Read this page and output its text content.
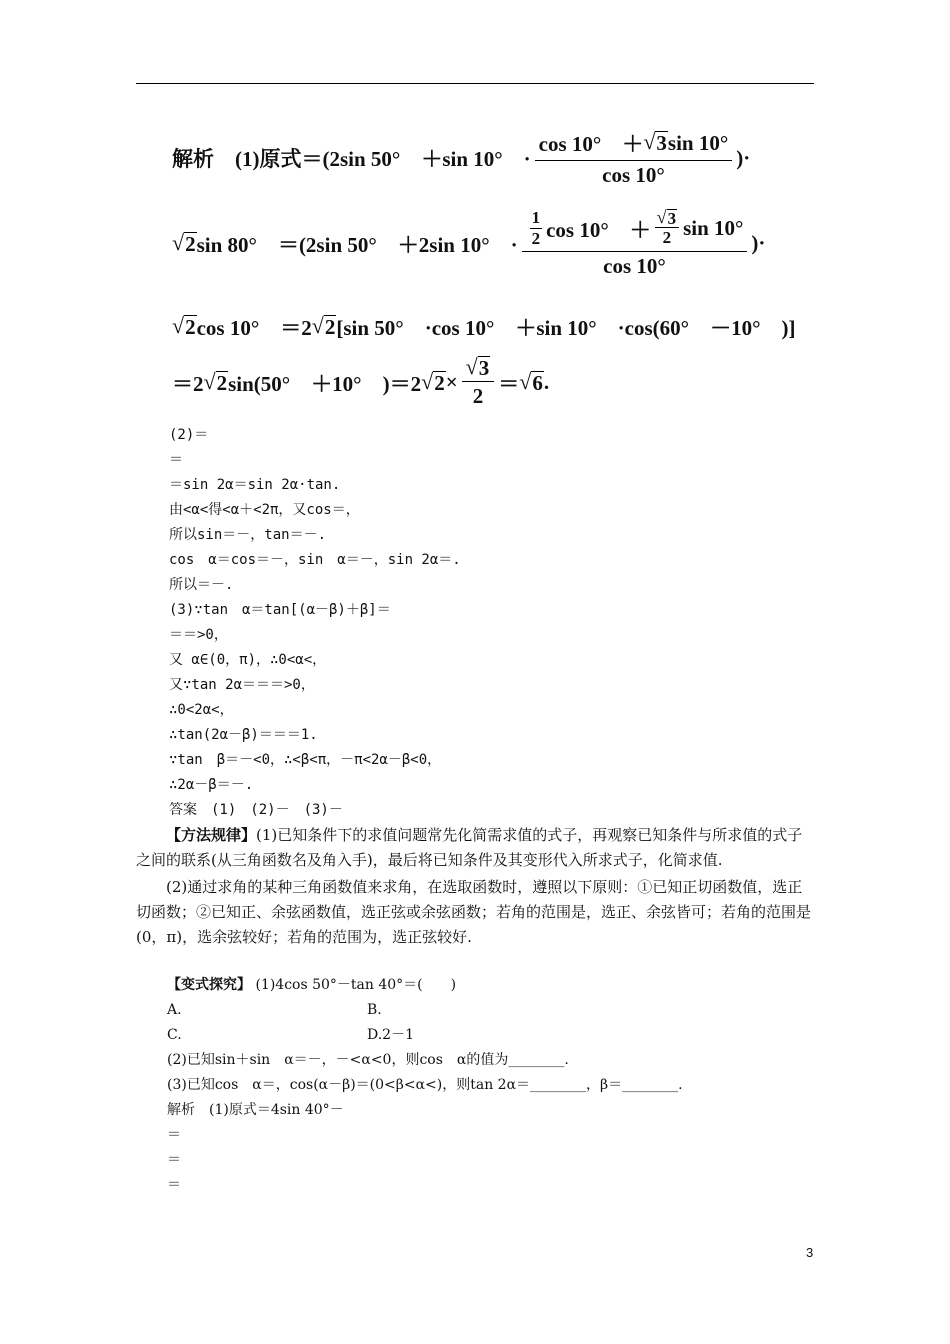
解析　(1)原式＝(2sin 50°　＋sin 10°　· $\frac{\cos 10^\circ + √ 3 \sin 10^\circ}{\cos 10^\circ}$ )·
√ 2 sin 80°　＝(2sin 50°　＋2sin 10°　· $\frac{1}{2}$ cos 10°　＋ $\frac{√ 3}{2}$ sin 10°
cos 10°
)·
√ 2 cos 10°　＝2 √ 2 [sin 50°　·cos 10°　＋sin 10°　·cos(60°　－10°　)]
＝2 √ 2 sin(50°　＋10°　)＝2 √ $2 \times \frac{√ 3}{2}$ ＝ √ 6 .
(2)＝
＝
＝sin 2α＝sin 2α·tan.
由<α<得<α＋<2π，又cos＝，
所以sin＝－，tan＝－.
cos　α＝cos＝－，sin　α＝－，sin 2α＝.
所以＝－.
(3)∵tan　α＝tan[(α－β)＋β]＝
＝＝>0，
又 α∈(0，π)，∴0<α<，
又∵tan 2α＝＝＝>0，
∴0<2α<，
∴tan(2α－β)＝＝＝1.
∵tan　β＝－<0，∴<β<π，－π<2α－β<0，
∴2α－β＝－.
答案　(1)　(2)－　(3)－

【方法规律】(1)已知条件下的求值问题常先化简需求值的式子，再观察已知条件与所求值的式子之间的联系(从三角函数名及角入手)，最后将已知条件及其变形代入所求式子，化简求值.

(2)通过求角的某种三角函数值来求角，在选取函数时，遵照以下原则：①已知正切函数值，选正切函数；②已知正、余弦函数值，选正弦或余弦函数；若角的范围是，选正、余弦皆可；若角的范围是(0，π)，选余弦较好；若角的范围为，选正弦较好.

【变式探究】 (1)4cos 50°－tan 40°＝(　　)
A.	B.
C.	D.2－1
(2)已知sin＋sin　α＝－，－<α<0，则cos　α的值为________.
(3)已知cos　α＝，cos(α－β)＝(0<β<α<)，则tan 2α＝________，β＝________.
解析　(1)原式＝4sin 40°－
＝
＝
＝
3
